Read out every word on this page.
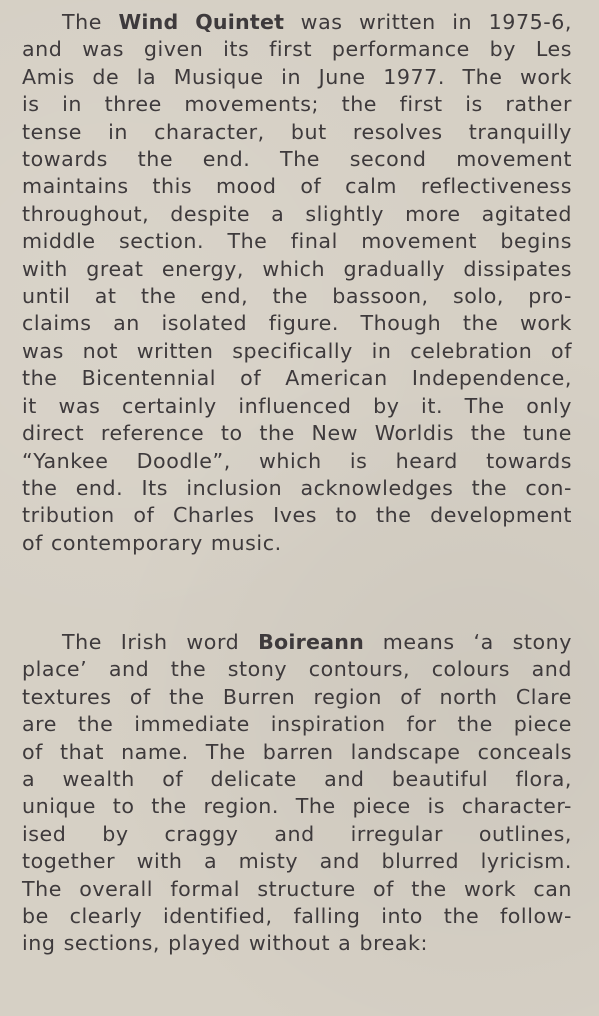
The Wind Quintet was written in 1975-6,
and was given its first performance by Les
Amis de la Musique in June 1977. The work
is in three movements; the first is rather
tense in character, but resolves tranquilly
towards the end. The second movement
maintains this mood of calm reflectiveness
throughout, despite a slightly more agitated
middle section. The final movement begins
with great energy, which gradually dissipates
until at the end, the bassoon, solo, pro-
claims an isolated figure. Though the work
was not written specifically in celebration of
the Bicentennial of American Independence,
it was certainly influenced by it. The only
direct reference to the New Worldis the tune
“Yankee Doodle”, which is heard towards
the end. Its inclusion acknowledges the con-
tribution of Charles Ives to the development
of contemporary music.

The Irish word Boireann means ‘a stony
place’ and the stony contours, colours and
textures of the Burren region of north Clare
are the immediate inspiration for the piece
of that name. The barren landscape conceals
a wealth of delicate and beautiful flora,
unique to the region. The piece is character-
ised by craggy and irregular outlines,
together with a misty and blurred lyricism.
The overall formal structure of the work can
be clearly identified, falling into the follow-
ing sections, played without a break:
